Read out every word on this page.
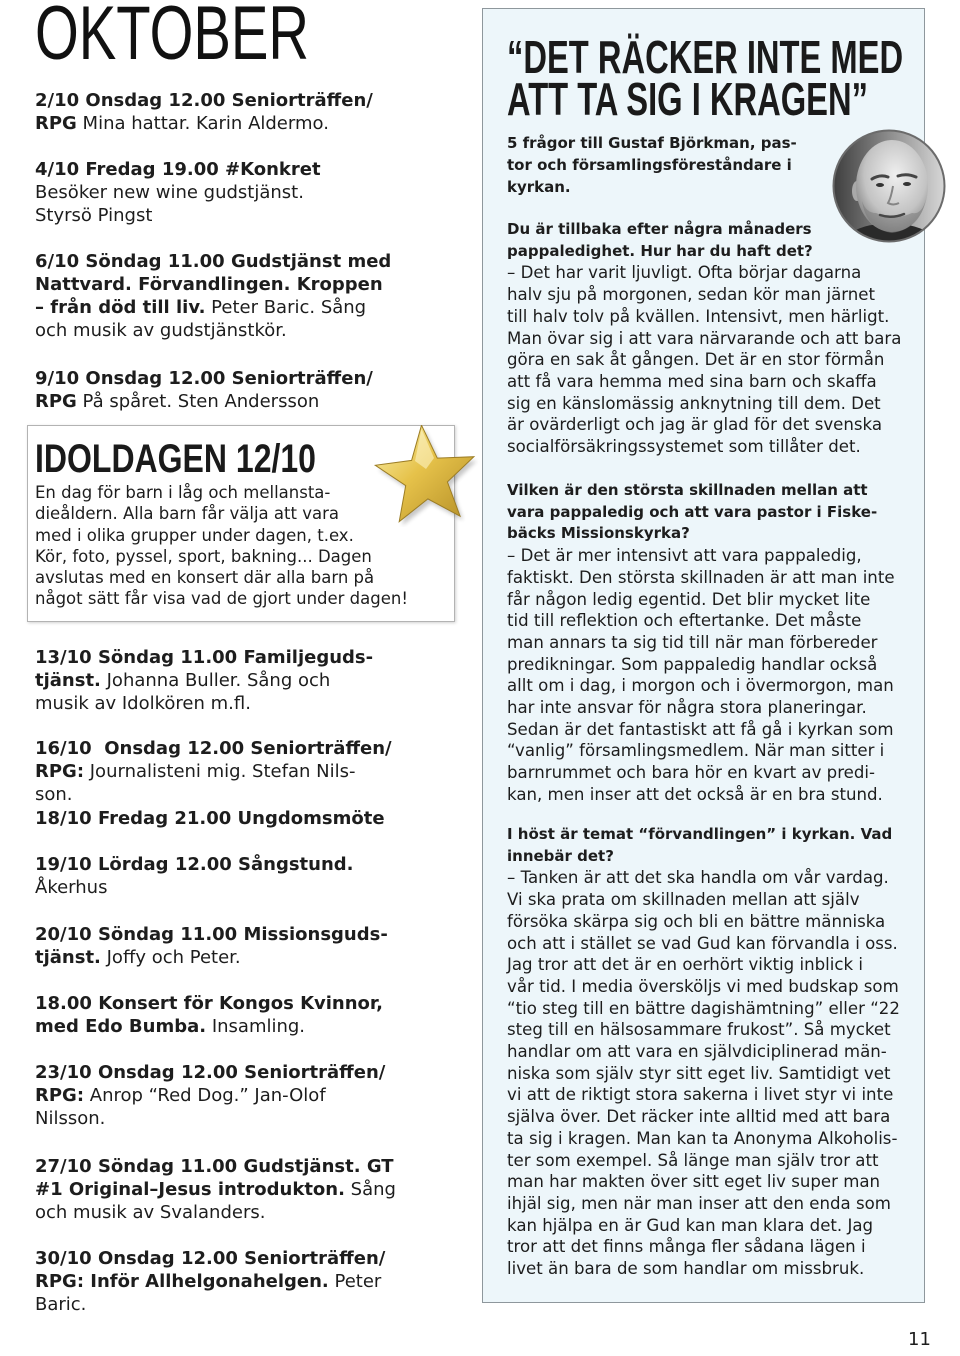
OKTOBER
2/10 Onsdag 12.00 Seniorträffen/
RPG Mina hattar. Karin Aldermo.
4/10 Fredag 19.00 #Konkret
Besöker new wine gudstjänst.
Styrsö Pingst
6/10 Söndag 11.00 Gudstjänst med
Nattvard. Förvandlingen. Kroppen
– från död till liv. Peter Baric. Sång
och musik av gudstjänstkör.
9/10 Onsdag 12.00 Seniorträffen/
RPG På spåret. Sten Andersson
IDOLDAGEN 12/10
En dag för barn i låg och mellansta-
dieåldern. Alla barn får välja att vara
med i olika grupper under dagen, t.ex.
Kör, foto, pyssel, sport, bakning... Dagen
avslutas med en konsert där alla barn på
något sätt får visa vad de gjort under dagen!
13/10 Söndag 11.00 Familjeguds-
tjänst. Johanna Buller. Sång och
musik av Idolkören m.fl.
16/10  Onsdag 12.00 Seniorträffen/
RPG: Journalisteni mig. Stefan Nils-
son.
18/10 Fredag 21.00 Ungdomsmöte
19/10 Lördag 12.00 Sångstund.
Åkerhus
20/10 Söndag 11.00 Missionsguds-
tjänst. Joffy och Peter.
18.00 Konsert för Kongos Kvinnor,
med Edo Bumba. Insamling.
23/10 Onsdag 12.00 Seniorträffen/
RPG: Anrop “Red Dog.” Jan-Olof
Nilsson.
27/10 Söndag 11.00 Gudstjänst. GT
#1 Original–Jesus introdukton. Sång
och musik av Svalanders.
30/10 Onsdag 12.00 Seniorträffen/
RPG: Inför Allhelgonahelgen. Peter
Baric.
“DET RÄCKER INTE MED
ATT TA SIG I KRAGEN”
5 frågor till Gustaf Björkman, pas-
tor och församlingsföreståndare i
kyrkan.
Du är tillbaka efter några månaders
pappaledighet. Hur har du haft det?
– Det har varit ljuvligt. Ofta börjar dagarna
halv sju på morgonen, sedan kör man järnet
till halv tolv på kvällen. Intensivt, men härligt.
Man övar sig i att vara närvarande och att bara
göra en sak åt gången. Det är en stor förmån
att få vara hemma med sina barn och skaffa
sig en känslomässig anknytning till dem. Det
är ovärderligt och jag är glad för det svenska
socialförsäkringssystemet som tillåter det.
Vilken är den största skillnaden mellan att
vara pappaledig och att vara pastor i Fiske-
bäcks Missionskyrka?
– Det är mer intensivt att vara pappaledig,
faktiskt. Den största skillnaden är att man inte
får någon ledig egentid. Det blir mycket lite
tid till reflektion och eftertanke. Det måste
man annars ta sig tid till när man förbereder
predikningar. Som pappaledig handlar också
allt om i dag, i morgon och i övermorgon, man
har inte ansvar för några stora planeringar.
Sedan är det fantastiskt att få gå i kyrkan som
“vanlig” församlingsmedlem. När man sitter i
barnrummet och bara hör en kvart av predi-
kan, men inser att det också är en bra stund.
I höst är temat “förvandlingen” i kyrkan. Vad
innebär det?
– Tanken är att det ska handla om vår vardag.
Vi ska prata om skillnaden mellan att själv
försöka skärpa sig och bli en bättre människa
och att i stället se vad Gud kan förvandla i oss.
Jag tror att det är en oerhört viktig inblick i
vår tid. I media översköljs vi med budskap som
“tio steg till en bättre dagishämtning” eller “22
steg till en hälsosammare frukost”. Så mycket
handlar om att vara en självdiciplinerad män-
niska som själv styr sitt eget liv. Samtidigt vet
vi att de riktigt stora sakerna i livet styr vi inte
själva över. Det räcker inte alltid med att bara
ta sig i kragen. Man kan ta Anonyma Alkoholis-
ter som exempel. Så länge man själv tror att
man har makten över sitt eget liv super man
ihjäl sig, men när man inser att den enda som
kan hjälpa en är Gud kan man klara det. Jag
tror att det finns många fler sådana lägen i
livet än bara de som handlar om missbruk.
11
